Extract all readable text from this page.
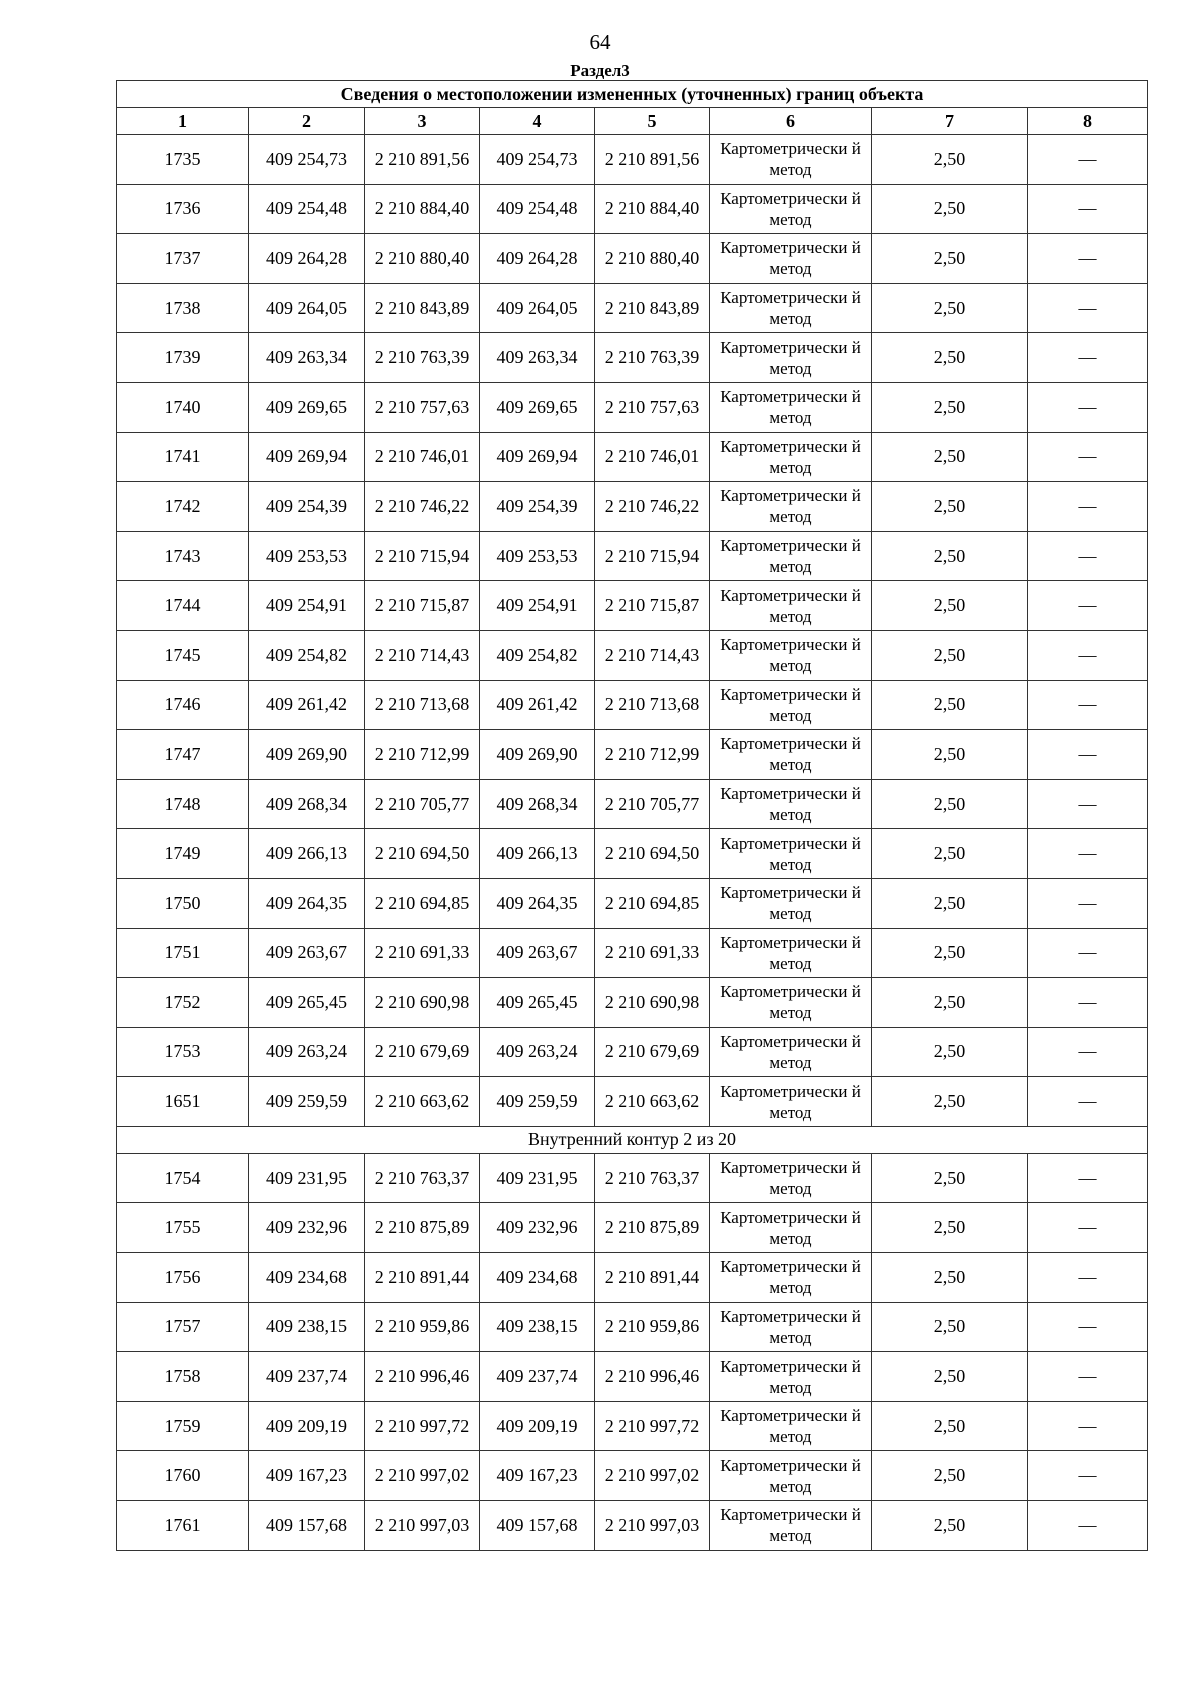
64
Раздел3
Сведения о местоположении измененных (уточненных) границ объекта							
1	2	3	4	5	6	7	8
1735	409 254,73	2 210 891,56	409 254,73	2 210 891,56	Картометрически й метод	2,50	—
1736	409 254,48	2 210 884,40	409 254,48	2 210 884,40	Картометрически й метод	2,50	—
1737	409 264,28	2 210 880,40	409 264,28	2 210 880,40	Картометрически й метод	2,50	—
1738	409 264,05	2 210 843,89	409 264,05	2 210 843,89	Картометрически й метод	2,50	—
1739	409 263,34	2 210 763,39	409 263,34	2 210 763,39	Картометрически й метод	2,50	—
1740	409 269,65	2 210 757,63	409 269,65	2 210 757,63	Картометрически й метод	2,50	—
1741	409 269,94	2 210 746,01	409 269,94	2 210 746,01	Картометрически й метод	2,50	—
1742	409 254,39	2 210 746,22	409 254,39	2 210 746,22	Картометрически й метод	2,50	—
1743	409 253,53	2 210 715,94	409 253,53	2 210 715,94	Картометрически й метод	2,50	—
1744	409 254,91	2 210 715,87	409 254,91	2 210 715,87	Картометрически й метод	2,50	—
1745	409 254,82	2 210 714,43	409 254,82	2 210 714,43	Картометрически й метод	2,50	—
1746	409 261,42	2 210 713,68	409 261,42	2 210 713,68	Картометрически й метод	2,50	—
1747	409 269,90	2 210 712,99	409 269,90	2 210 712,99	Картометрически й метод	2,50	—
1748	409 268,34	2 210 705,77	409 268,34	2 210 705,77	Картометрически й метод	2,50	—
1749	409 266,13	2 210 694,50	409 266,13	2 210 694,50	Картометрически й метод	2,50	—
1750	409 264,35	2 210 694,85	409 264,35	2 210 694,85	Картометрически й метод	2,50	—
1751	409 263,67	2 210 691,33	409 263,67	2 210 691,33	Картометрически й метод	2,50	—
1752	409 265,45	2 210 690,98	409 265,45	2 210 690,98	Картометрически й метод	2,50	—
1753	409 263,24	2 210 679,69	409 263,24	2 210 679,69	Картометрически й метод	2,50	—
1651	409 259,59	2 210 663,62	409 259,59	2 210 663,62	Картометрически й метод	2,50	—
Внутренний контур 2 из 20							
1754	409 231,95	2 210 763,37	409 231,95	2 210 763,37	Картометрически й метод	2,50	—
1755	409 232,96	2 210 875,89	409 232,96	2 210 875,89	Картометрически й метод	2,50	—
1756	409 234,68	2 210 891,44	409 234,68	2 210 891,44	Картометрически й метод	2,50	—
1757	409 238,15	2 210 959,86	409 238,15	2 210 959,86	Картометрически й метод	2,50	—
1758	409 237,74	2 210 996,46	409 237,74	2 210 996,46	Картометрически й метод	2,50	—
1759	409 209,19	2 210 997,72	409 209,19	2 210 997,72	Картометрически й метод	2,50	—
1760	409 167,23	2 210 997,02	409 167,23	2 210 997,02	Картометрически й метод	2,50	—
1761	409 157,68	2 210 997,03	409 157,68	2 210 997,03	Картометрически й метод	2,50	—
